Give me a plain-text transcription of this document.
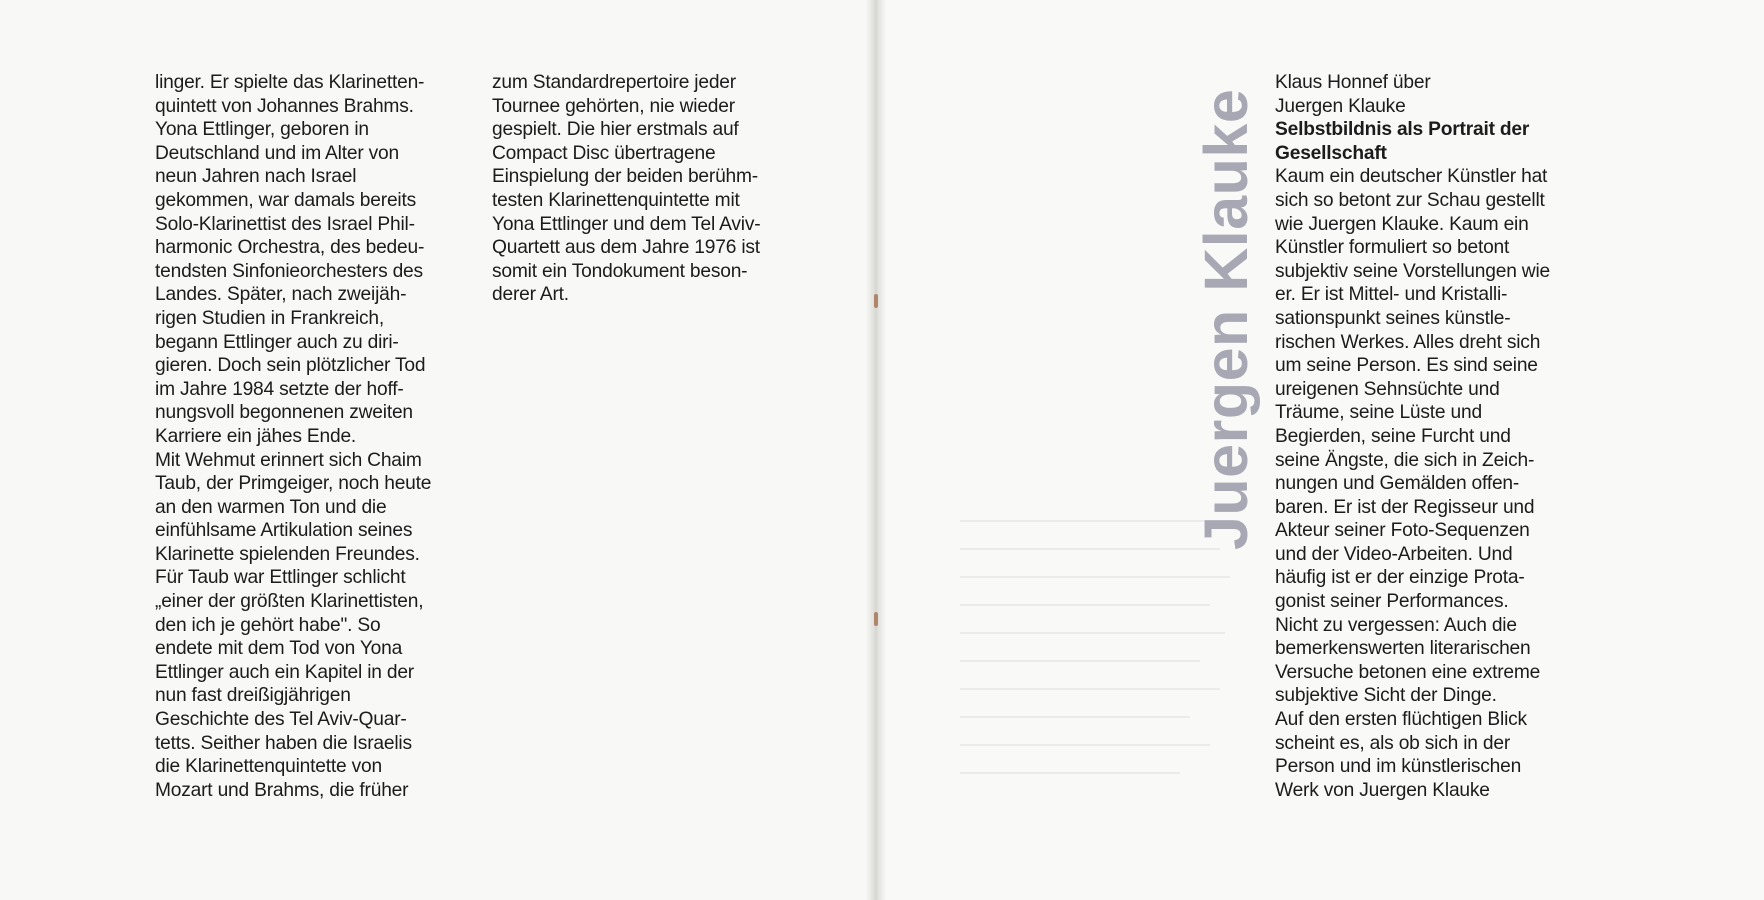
linger. Er spielte das Klarinetten-

quintett von Johannes Brahms.

Yona Ettlinger, geboren in

Deutschland und im Alter von

neun Jahren nach Israel

gekommen, war damals bereits

Solo-Klarinettist des Israel Phil-

harmonic Orchestra, des bedeu-

tendsten Sinfonieorchesters des

Landes. Später, nach zweijäh-

rigen Studien in Frankreich,

begann Ettlinger auch zu diri-

gieren. Doch sein plötzlicher Tod

im Jahre 1984 setzte der hoff-

nungsvoll begonnenen zweiten

Karriere ein jähes Ende.

Mit Wehmut erinnert sich Chaim

Taub, der Primgeiger, noch heute

an den warmen Ton und die

einfühlsame Artikulation seines

Klarinette spielenden Freundes.

Für Taub war Ettlinger schlicht

„einer der größten Klarinettisten,

den ich je gehört habe". So

endete mit dem Tod von Yona

Ettlinger auch ein Kapitel in der

nun fast dreißigjährigen

Geschichte des Tel Aviv-Quar-

tetts. Seither haben die Israelis

die Klarinettenquintette von

Mozart und Brahms, die früher

zum Standardrepertoire jeder

Tournee gehörten, nie wieder

gespielt. Die hier erstmals auf

Compact Disc übertragene

Einspielung der beiden berühm-

testen Klarinettenquintette mit

Yona Ettlinger und dem Tel Aviv-

Quartett aus dem Jahre 1976 ist

somit ein Tondokument beson-

derer Art.	Juergen Klauke

Klaus Honnef über

Juergen Klauke

Selbstbildnis als Portrait der

Gesellschaft

Kaum ein deutscher Künstler hat

sich so betont zur Schau gestellt

wie Juergen Klauke. Kaum ein

Künstler formuliert so betont

subjektiv seine Vorstellungen wie

er. Er ist Mittel- und Kristalli-

sationspunkt seines künstle-

rischen Werkes. Alles dreht sich

um seine Person. Es sind seine

ureigenen Sehnsüchte und

Träume, seine Lüste und

Begierden, seine Furcht und

seine Ängste, die sich in Zeich-

nungen und Gemälden offen-

baren. Er ist der Regisseur und

Akteur seiner Foto-Sequenzen

und der Video-Arbeiten. Und

häufig ist er der einzige Prota-

gonist seiner Performances.

Nicht zu vergessen: Auch die

bemerkenswerten literarischen

Versuche betonen eine extreme

subjektive Sicht der Dinge.

Auf den ersten flüchtigen Blick

scheint es, als ob sich in der

Person und im künstlerischen

Werk von Juergen Klauke
